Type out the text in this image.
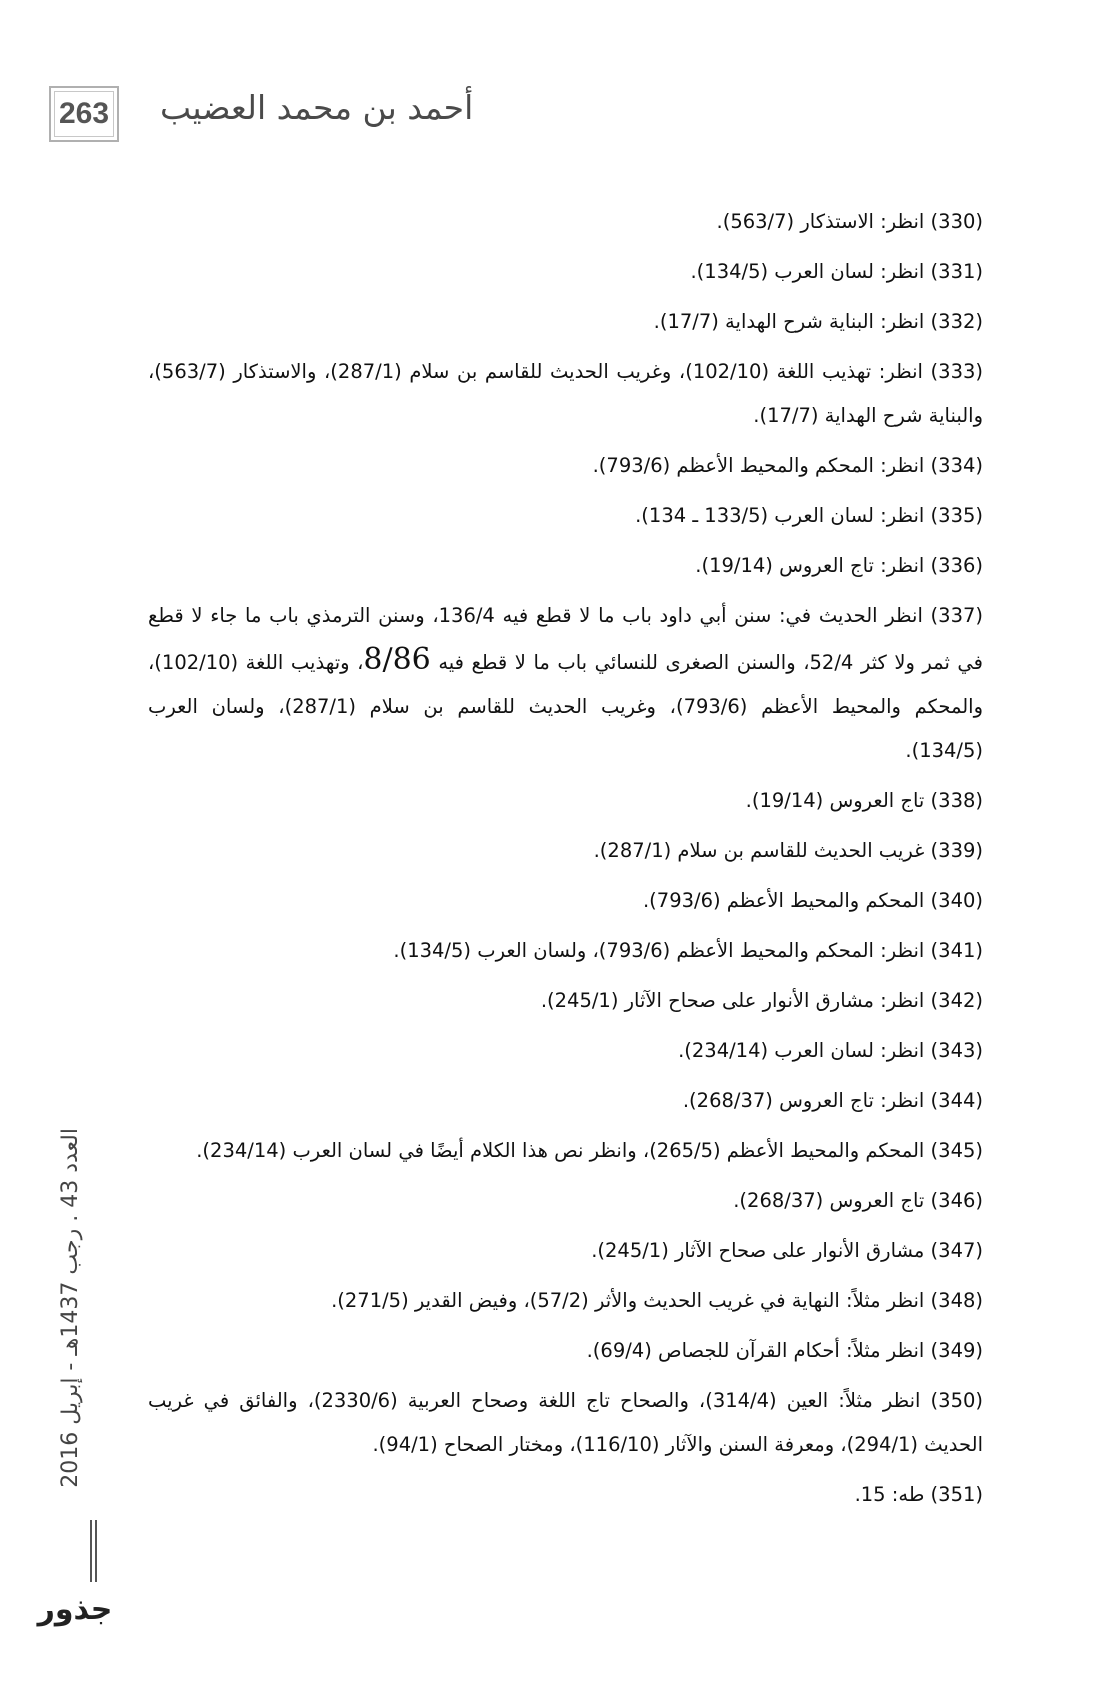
263	أحمد بن محمد العضيب
العدد 43 . رجب 1437هـ - إبريل 2016
جذور
(330) انظر: الاستذكار (563/7).
(331) انظر: لسان العرب (134/5).
(332) انظر: البناية شرح الهداية (17/7).
(333) انظر: تهذيب اللغة (102/10)، وغريب الحديث للقاسم بن سلام (287/1)، والاستذكار (563/7)، والبناية شرح الهداية (17/7).
(334) انظر: المحكم والمحيط الأعظم (793/6).
(335) انظر: لسان العرب (133/5 ـ 134).
(336) انظر: تاج العروس (19/14).
(337) انظر الحديث في: سنن أبي داود باب ما لا قطع فيه 136/4، وسنن الترمذي باب ما جاء لا قطع في ثمر ولا كثر 52/4، والسنن الصغرى للنسائي باب ما لا قطع فيه 8/86، وتهذيب اللغة (102/10)، والمحكم والمحيط الأعظم (793/6)، وغريب الحديث للقاسم بن سلام (287/1)، ولسان العرب (134/5).
(338) تاج العروس (19/14).
(339) غريب الحديث للقاسم بن سلام (287/1).
(340) المحكم والمحيط الأعظم (793/6).
(341) انظر: المحكم والمحيط الأعظم (793/6)، ولسان العرب (134/5).
(342) انظر: مشارق الأنوار على صحاح الآثار (245/1).
(343) انظر: لسان العرب (234/14).
(344) انظر: تاج العروس (268/37).
(345) المحكم والمحيط الأعظم (265/5)، وانظر نص هذا الكلام أيضًا في لسان العرب (234/14).
(346) تاج العروس (268/37).
(347) مشارق الأنوار على صحاح الآثار (245/1).
(348) انظر مثلاً: النهاية في غريب الحديث والأثر (57/2)، وفيض القدير (271/5).
(349) انظر مثلاً: أحكام القرآن للجصاص (69/4).
(350) انظر مثلاً: العين (314/4)، والصحاح تاج اللغة وصحاح العربية (2330/6)، والفائق في غريب الحديث (294/1)، ومعرفة السنن والآثار (116/10)، ومختار الصحاح (94/1).
(351) طه: 15.
